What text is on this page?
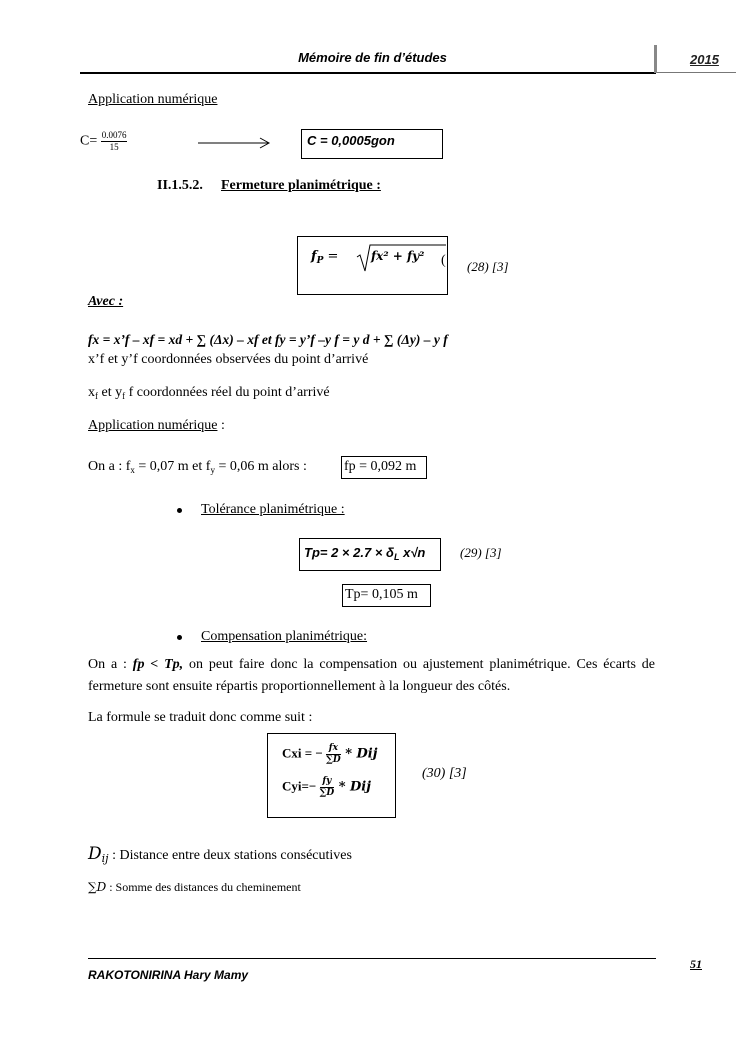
Mémoire de fin d’études	2015
Application numérique
$C= \frac{0.0076}{15}$	C = 0,0005gon
II.1.5.2. Fermeture planimétrique :
$f_P$ =	fx² + fy² ( (28) [3]
Avec :
fx = x’f – xf = xd + ∑ (Δx) – xf et fy = y’f –y f = y d + ∑ (Δy) – y f
x’f et y’f coordonnées observées du point d’arrivé
$x_f$ et $y_f$ f coordonnées réel du point d’arrivé
Application numérique :
On a : $f_x = 0,07$ m et $f_y = 0,06$ m alors :	fp = 0,092 m
Tolérance planimétrique :
$Tp= 2 \times 2.7 \times \delta_L$ x√n	(29) [3]
Tp= 0,105 m
Compensation planimétrique:
On a : fp < Tp, on peut faire donc la compensation ou ajustement planimétrique. Ces écarts de fermeture sont ensuite répartis proportionnellement à la longueur des côtés.
La formule se traduit donc comme suit :
Cxi = − $\frac{fx}{\sum D}$ * Dij
$Cyi=- \frac{fy}{\sum D}$ * Dij
(30) [3]
$D_{ij}$ : Distance entre deux stations consécutives
∑D : Somme des distances du cheminement
RAKOTONIRINA Hary Mamy
51
